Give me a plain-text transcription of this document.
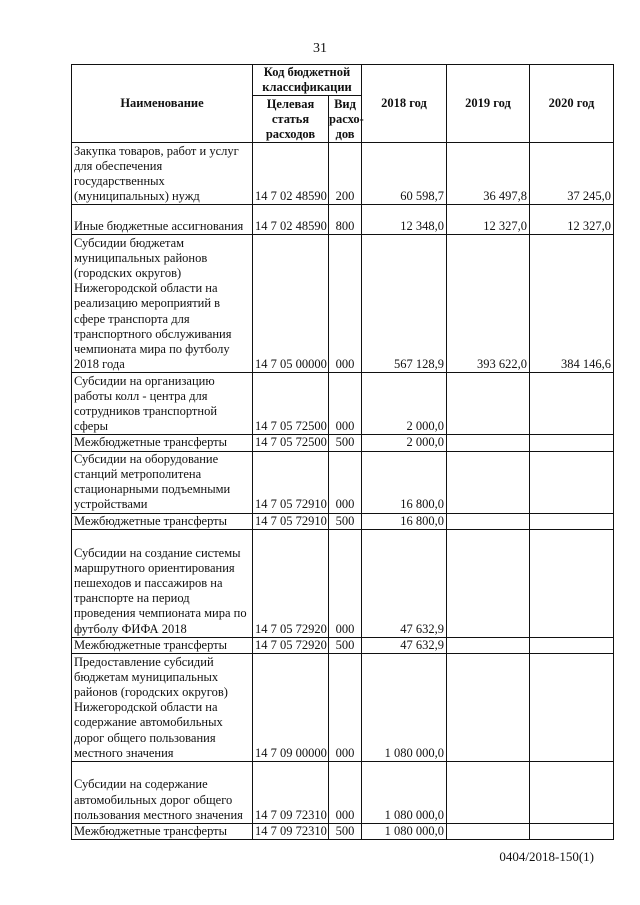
31
Наименование	Код бюджетной классификации		2018 год	2019 год	2020 год
	Целевая статья расходов	Вид расхо-дов			
Закупка товаров, работ и услуг для обеспечения государственных (муниципальных) нужд	14 7 02 48590	200	60 598,7	36 497,8	37 245,0
Иные бюджетные ассигнования	14 7 02 48590	800	12 348,0	12 327,0	12 327,0
Субсидии бюджетам муниципальных районов (городских округов) Нижегородской области на реализацию мероприятий в сфере транспорта для транспортного обслуживания чемпионата мира по футболу 2018 года	14 7 05 00000	000	567 128,9	393 622,0	384 146,6
Субсидии на организацию работы колл - центра для сотрудников транспортной сферы	14 7 05 72500	000	2 000,0		
Межбюджетные трансферты	14 7 05 72500	500	2 000,0		
Субсидии на оборудование станций метрополитена стационарными подъемными устройствами	14 7 05 72910	000	16 800,0		
Межбюджетные трансферты	14 7 05 72910	500	16 800,0		
Субсидии на создание системы маршрутного ориентирования пешеходов и пассажиров на транспорте на период проведения чемпионата мира по футболу ФИФА 2018	14 7 05 72920	000	47 632,9		
Межбюджетные трансферты	14 7 05 72920	500	47 632,9		
Предоставление субсидий бюджетам муниципальных районов (городских округов) Нижегородской области на содержание автомобильных дорог общего пользования местного значения	14 7 09 00000	000	1 080 000,0		
Субсидии на содержание автомобильных дорог общего пользования местного значения	14 7 09 72310	000	1 080 000,0		
Межбюджетные трансферты	14 7 09 72310	500	1 080 000,0		
0404/2018-150(1)
